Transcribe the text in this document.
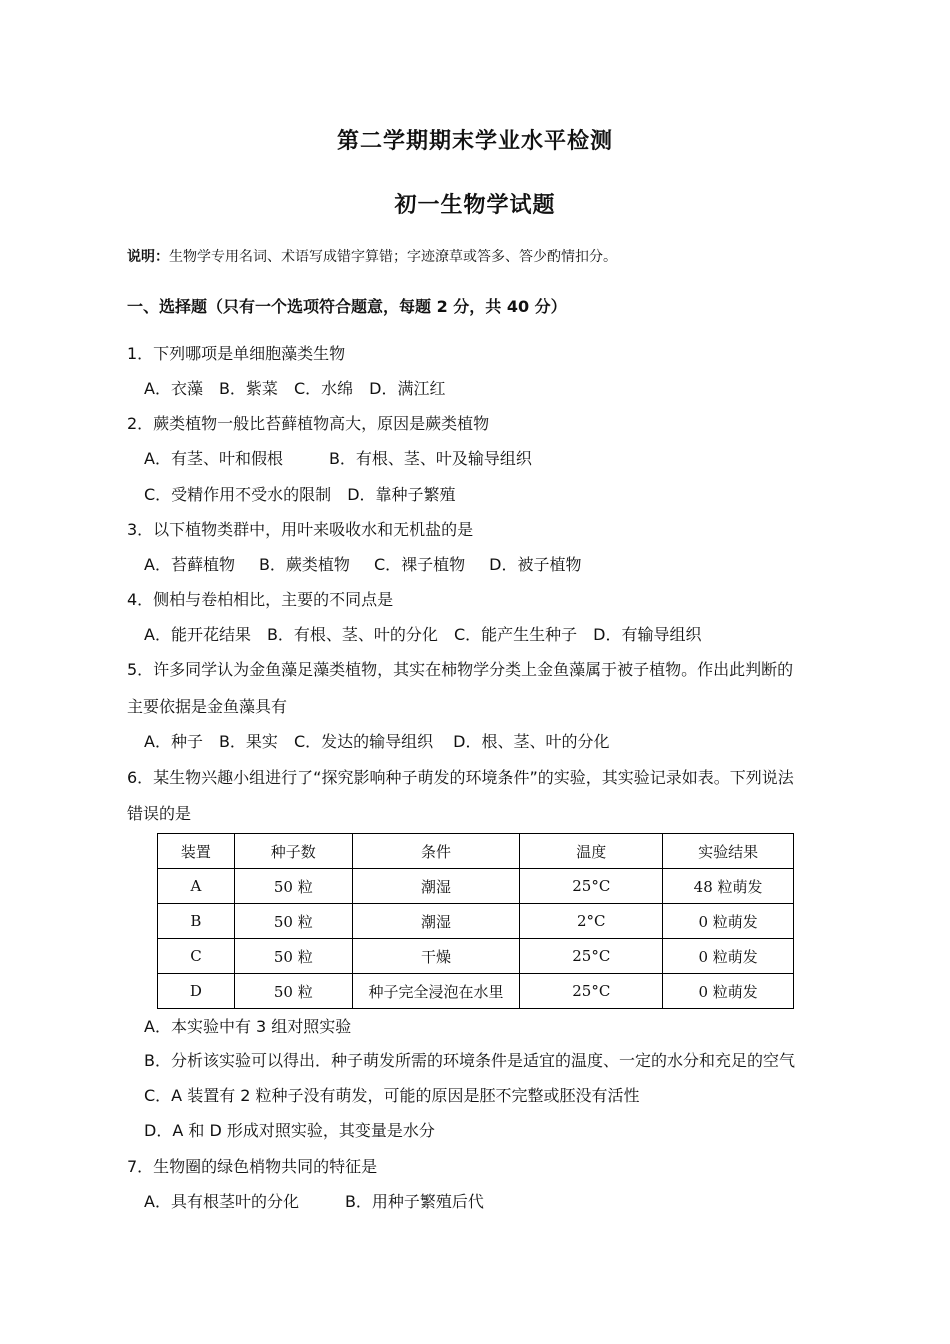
第二学期期末学业水平检测
初一生物学试题
说明：生物学专用名词、术语写成错字算错；字迹潦草或答多、答少酌情扣分。
一、选择题（只有一个选项符合题意，每题 2 分，共 40 分）
1．下列哪项是单细胞藻类生物
A．衣藻 B．紫菜 C．水绵 D．满江红
2．蕨类植物一般比苔藓植物高大，原因是蕨类植物
A．有茎、叶和假根	B．有根、茎、叶及输导组织
C．受精作用不受水的限制 D．靠种子繁殖
3．以下植物类群中，用叶来吸收水和无机盐的是
A．苔藓植物 B．蕨类植物 C．裸子植物 D．被子植物
4．侧柏与卷柏相比，主要的不同点是
A．能开花结果 B．有根、茎、叶的分化 C．能产生生种子 D．有输导组织
5．许多同学认为金鱼藻足藻类植物，其实在柿物学分类上金鱼藻属于被子植物。作出此判断的
主要依据是金鱼藻具有
A．种子 B．果实 C．发达的输导组织 D．根、茎、叶的分化
6．某生物兴趣小组进行了“探究影响种子萌发的环境条件”的实验，其实验记录如表。下列说法
错误的是
装置	种子数	条件	温度	实验结果
A	50 粒	潮湿	25°C	48 粒萌发
B	50 粒	潮湿	2°C	0 粒萌发
C	50 粒	干燥	25°C	0 粒萌发
D	50 粒	种子完全浸泡在水里	25°C	0 粒萌发
A．本实验中有 3 组对照实验
B．分析该实验可以得出．种子萌发所需的环境条件是适宜的温度、一定的水分和充足的空气
C．A 装置有 2 粒种子没有萌发，可能的原因是胚不完整或胚没有活性
D．A 和 D 形成对照实验，其变量是水分
7．生物圈的绿色梢物共同的特征是
A．具有根茎叶的分化	B．用种子繁殖后代
